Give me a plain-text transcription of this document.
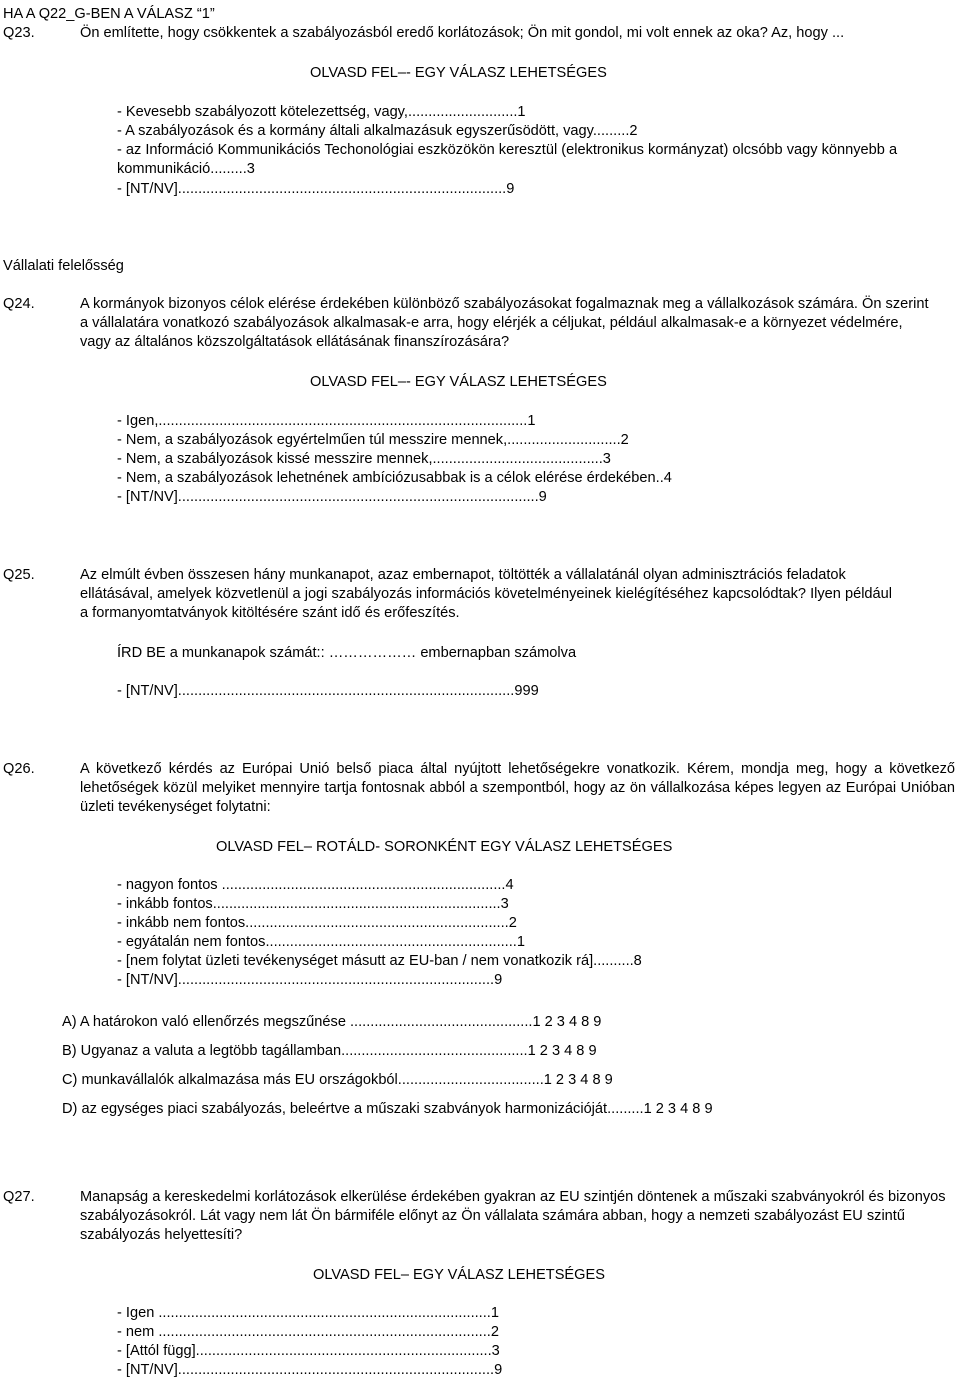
HA A Q22_G-BEN A VÁLASZ “1”
Q23.	Ön említette, hogy csökkentek a szabályozásból eredő korlátozások; Ön mit gondol, mi volt ennek az oka? Az, hogy ...
OLVASD FEL–- EGY VÁLASZ LEHETSÉGES
- Kevesebb szabályozott kötelezettség, vagy,...........................1
- A szabályozások és a kormány általi alkalmazásuk egyszerűsödött, vagy.........2
- az Információ Kommunikációs Techonológiai eszközökön keresztül (elektronikus kormányzat) olcsóbb vagy könnyebb a kommunikáció.........3
- [NT/NV].................................................................................9
Vállalati felelősség
Q24.	A kormányok bizonyos célok elérése érdekében különböző szabályozásokat fogalmaznak meg a vállalkozások számára. Ön szerint a vállalatára vonatkozó szabályozások alkalmasak-e arra, hogy elérjék a céljukat, például alkalmasak-e a környezet védelmére, vagy az általános közszolgáltatások ellátásának finanszírozására?
OLVASD FEL–- EGY VÁLASZ LEHETSÉGES
- Igen,...........................................................................................1
- Nem, a szabályozások egyértelműen túl messzire mennek,............................2
- Nem, a szabályozások kissé messzire mennek,..........................................3
- Nem, a szabályozások lehetnének ambíciózusabbak is a célok elérése érdekében..4
- [NT/NV].........................................................................................9
Q25.	Az elmúlt évben összesen hány munkanapot, azaz embernapot, töltötték a vállalatánál olyan adminisztrációs feladatok ellátásával, amelyek közvetlenül a jogi szabályozás információs követelményeinek kielégítéséhez kapcsolódtak? Ilyen például a formanyomtatványok kitöltésére szánt idő és erőfeszítés.
ÍRD BE a munkanapok számát:: ……………… embernapban számolva
- [NT/NV]...................................................................................999
Q26.	A következő kérdés az Európai Unió belső piaca által nyújtott lehetőségekre vonatkozik. Kérem, mondja meg, hogy a következő lehetőségek közül melyiket mennyire tartja fontosnak abból a szempontból, hogy az ön vállalkozása képes legyen az Európai Unióban üzleti tevékenységet folytatni:
OLVASD FEL– ROTÁLD- SORONKÉNT EGY VÁLASZ LEHETSÉGES
- nagyon fontos ......................................................................4
- inkább fontos.......................................................................3
- inkább nem fontos.................................................................2
- egyátalán nem fontos..............................................................1
- [nem folytat üzleti tevékenységet másutt az EU-ban / nem vonatkozik rá]..........8
- [NT/NV]..............................................................................9
A) A határokon való ellenőrzés megszűnése .............................................1 2 3 4 8 9
B) Ugyanaz a valuta a legtöbb tagállamban..............................................1 2 3 4 8 9
C) munkavállalók alkalmazása más EU országokból....................................1 2 3 4 8 9
D) az egységes piaci szabályozás, beleértve a műszaki szabványok harmonizációját.........1 2 3 4 8 9
Q27.	Manapság a kereskedelmi korlátozások elkerülése érdekében gyakran az EU szintjén döntenek a műszaki szabványokról és bizonyos szabályozásokról. Lát vagy nem lát Ön bármiféle előnyt az Ön vállalata számára abban, hogy a nemzeti szabályozást EU szintű szabályozás helyettesíti?
OLVASD FEL– EGY VÁLASZ LEHETSÉGES
- Igen ..................................................................................1
- nem ..................................................................................2
- [Attól függ].........................................................................3
- [NT/NV]..............................................................................9
